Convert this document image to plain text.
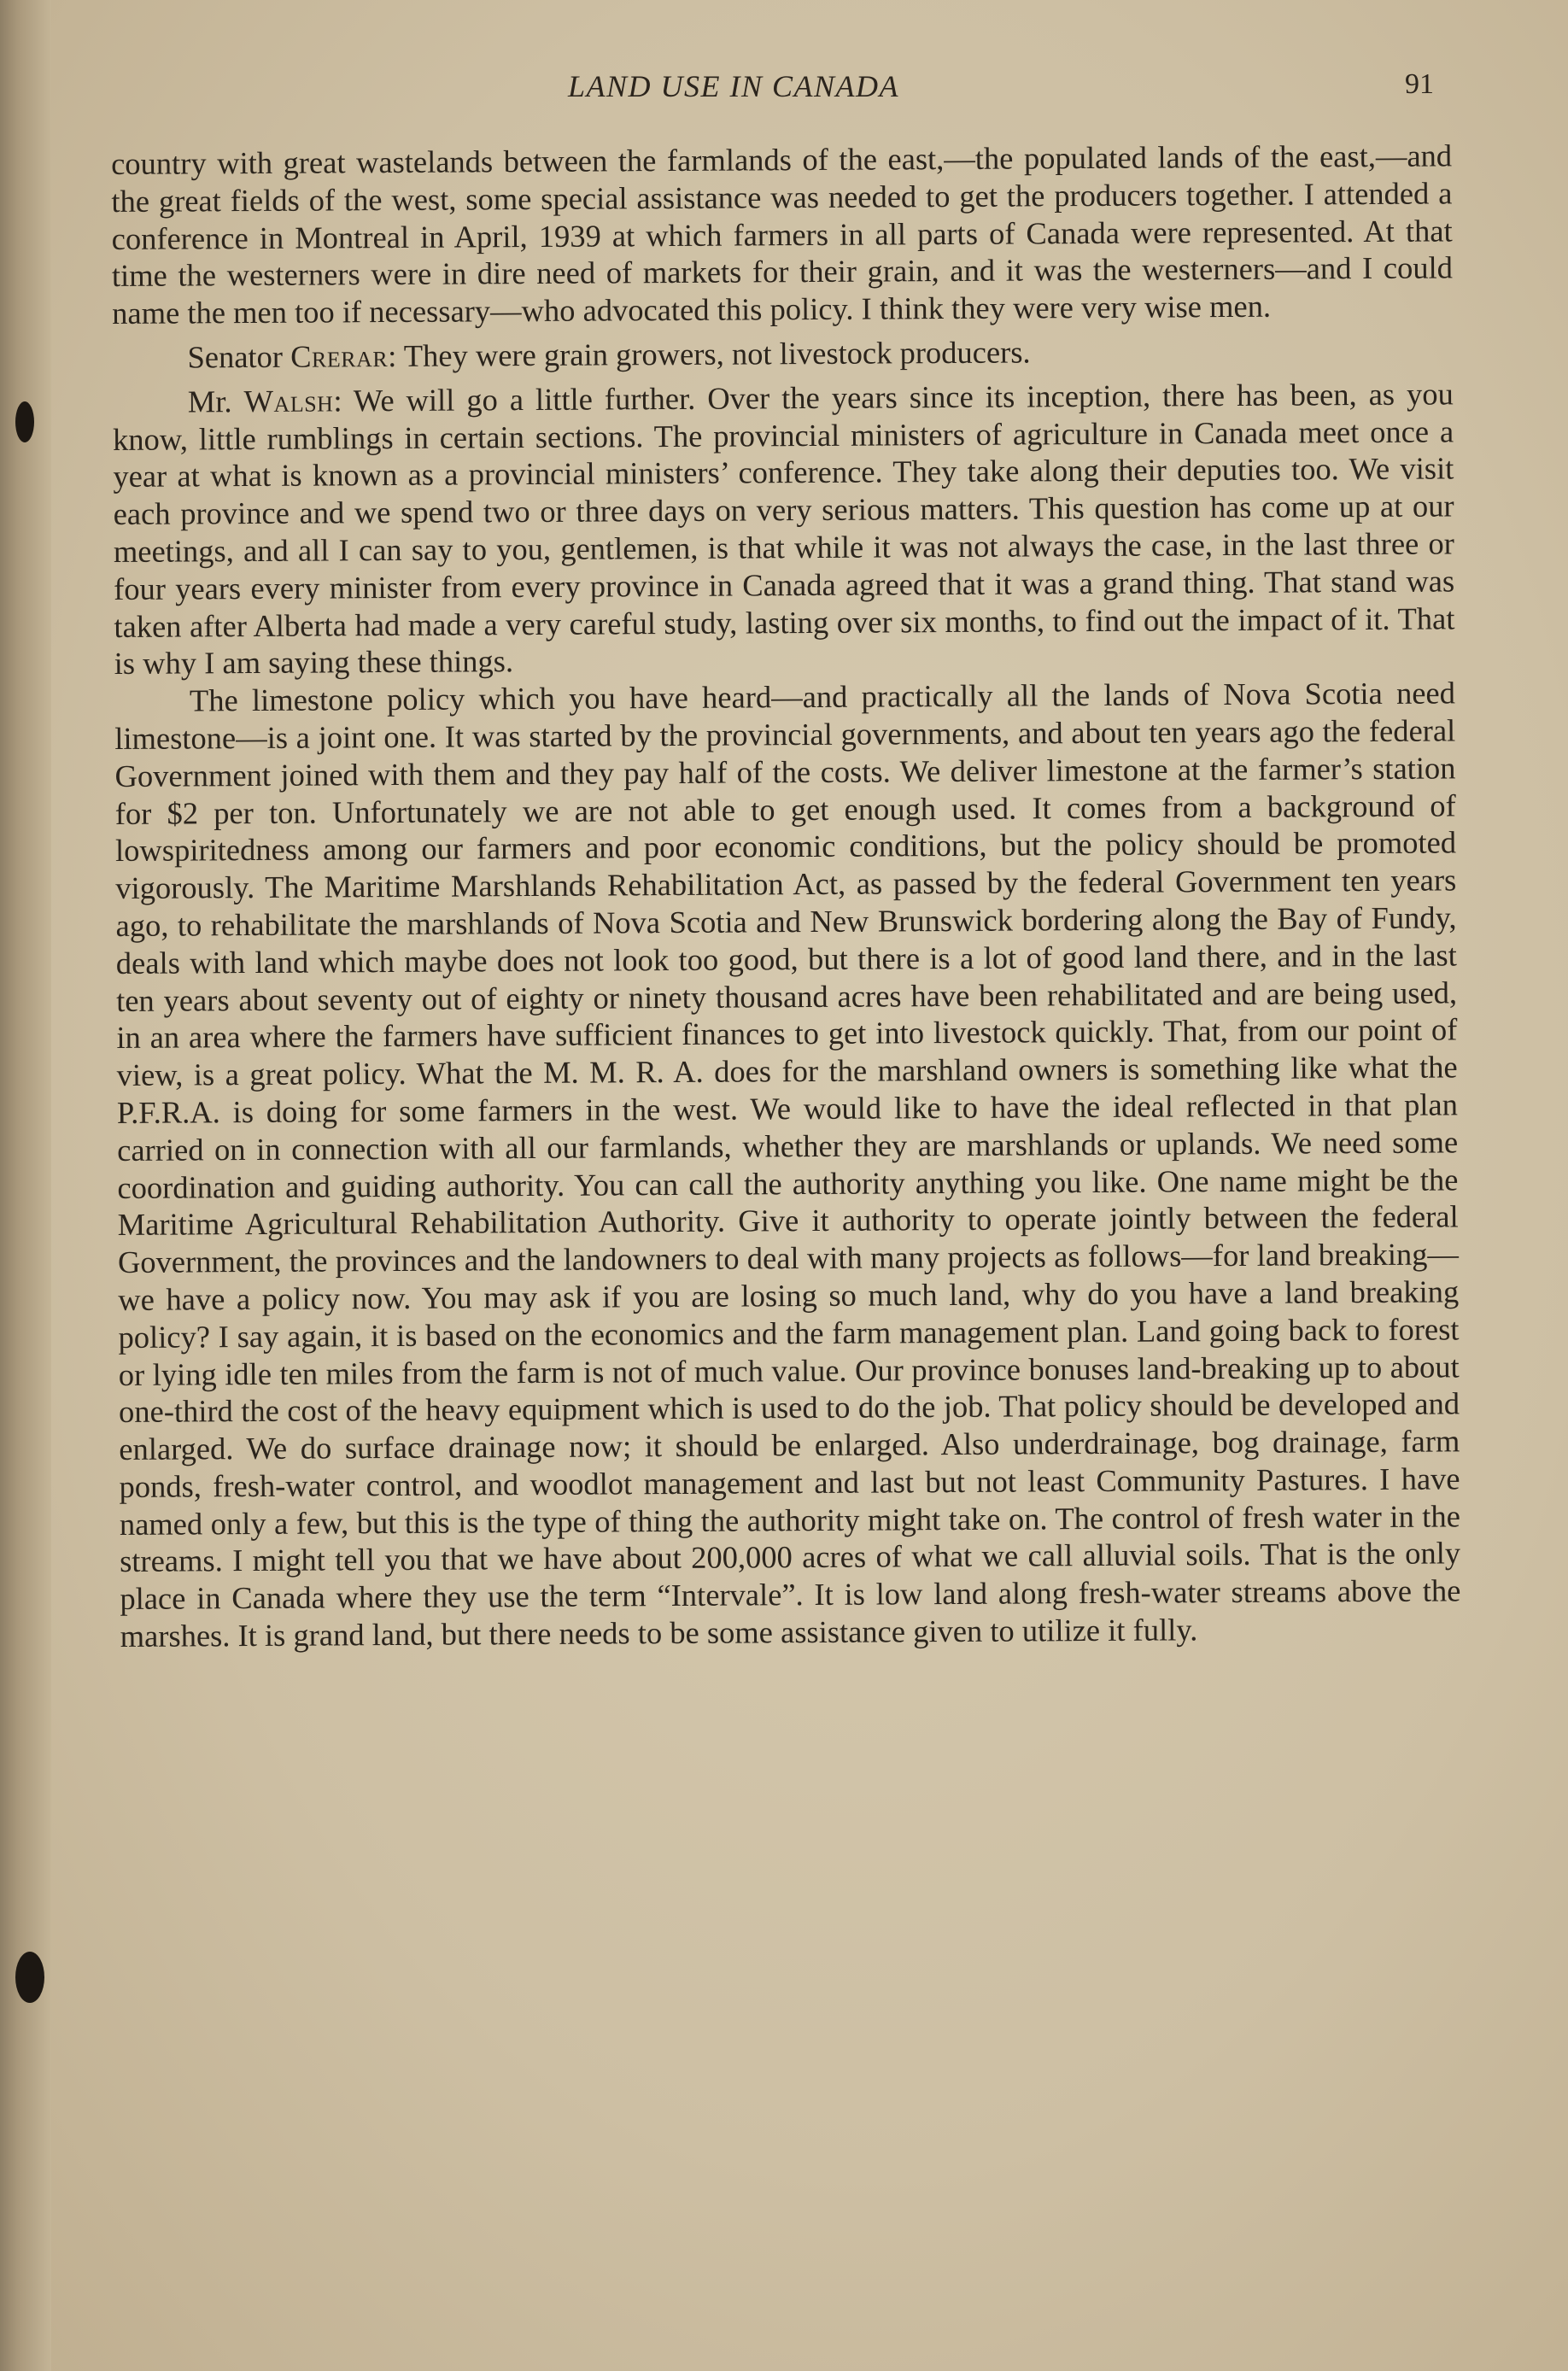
LAND USE IN CANADA	91

country with great wastelands between the farmlands of the east,—the populated lands of the east,—and the great fields of the west, some special assistance was needed to get the producers together. I attended a conference in Montreal in April, 1939 at which farmers in all parts of Canada were represented. At that time the westerners were in dire need of markets for their grain, and it was the westerners—and I could name the men too if necessary—who advocated this policy. I think they were very wise men.

Senator Crerar: They were grain growers, not livestock producers.

Mr. Walsh: We will go a little further. Over the years since its inception, there has been, as you know, little rumblings in certain sections. The provincial ministers of agriculture in Canada meet once a year at what is known as a provincial ministers’ conference. They take along their deputies too. We visit each province and we spend two or three days on very serious matters. This question has come up at our meetings, and all I can say to you, gentlemen, is that while it was not always the case, in the last three or four years every minister from every province in Canada agreed that it was a grand thing. That stand was taken after Alberta had made a very careful study, lasting over six months, to find out the impact of it. That is why I am saying these things.

The limestone policy which you have heard—and practically all the lands of Nova Scotia need limestone—is a joint one. It was started by the provincial governments, and about ten years ago the federal Government joined with them and they pay half of the costs. We deliver limestone at the farmer’s station for $2 per ton. Unfortunately we are not able to get enough used. It comes from a background of lowspiritedness among our farmers and poor economic conditions, but the policy should be promoted vigorously. The Maritime Marshlands Rehabilitation Act, as passed by the federal Government ten years ago, to rehabilitate the marshlands of Nova Scotia and New Brunswick bordering along the Bay of Fundy, deals with land which maybe does not look too good, but there is a lot of good land there, and in the last ten years about seventy out of eighty or ninety thousand acres have been rehabilitated and are being used, in an area where the farmers have sufficient finances to get into livestock quickly. That, from our point of view, is a great policy. What the M. M. R. A. does for the marshland owners is something like what the P.F.R.A. is doing for some farmers in the west. We would like to have the ideal reflected in that plan carried on in connection with all our farmlands, whether they are marshlands or uplands. We need some coordination and guiding authority. You can call the authority anything you like. One name might be the Maritime Agricultural Rehabilitation Authority. Give it authority to operate jointly between the federal Government, the provinces and the landowners to deal with many projects as follows—for land breaking—we have a policy now. You may ask if you are losing so much land, why do you have a land breaking policy? I say again, it is based on the economics and the farm management plan. Land going back to forest or lying idle ten miles from the farm is not of much value. Our province bonuses land-breaking up to about one-third the cost of the heavy equipment which is used to do the job. That policy should be developed and enlarged. We do surface drainage now; it should be enlarged. Also underdrainage, bog drainage, farm ponds, fresh-water control, and woodlot management and last but not least Community Pastures. I have named only a few, but this is the type of thing the authority might take on. The control of fresh water in the streams. I might tell you that we have about 200,000 acres of what we call alluvial soils. That is the only place in Canada where they use the term “Intervale”. It is low land along fresh-water streams above the marshes. It is grand land, but there needs to be some assistance given to utilize it fully.
